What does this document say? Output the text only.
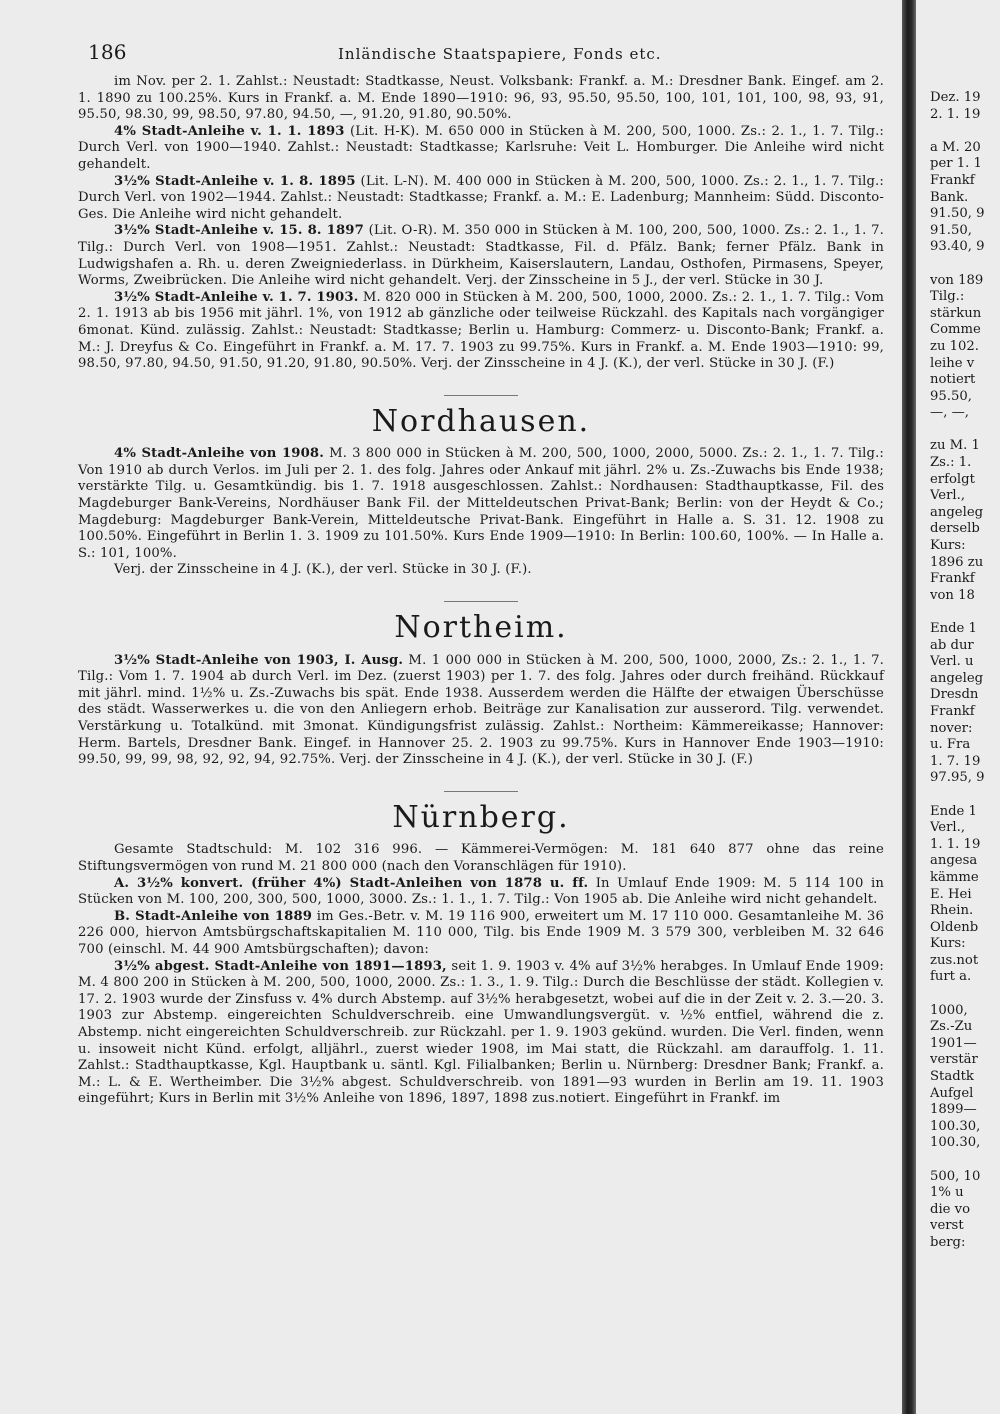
186	Inländische Staatspapiere, Fonds etc.

im Nov. per 2. 1. Zahlst.: Neustadt: Stadtkasse, Neust. Volksbank: Frankf. a. M.: Dresdner Bank. Eingef. am 2. 1. 1890 zu 100.25%. Kurs in Frankf. a. M. Ende 1890—1910: 96, 93, 95.50, 95.50, 100, 101, 101, 100, 98, 93, 91, 95.50, 98.30, 99, 98.50, 97.80, 94.50, —, 91.20, 91.80, 90.50%.

4% Stadt-Anleihe v. 1. 1. 1893 (Lit. H-K). M. 650 000 in Stücken à M. 200, 500, 1000. Zs.: 2. 1., 1. 7. Tilg.: Durch Verl. von 1900—1940. Zahlst.: Neustadt: Stadtkasse; Karlsruhe: Veit L. Homburger. Die Anleihe wird nicht gehandelt.

3½% Stadt-Anleihe v. 1. 8. 1895 (Lit. L-N). M. 400 000 in Stücken à M. 200, 500, 1000. Zs.: 2. 1., 1. 7. Tilg.: Durch Verl. von 1902—1944. Zahlst.: Neustadt: Stadtkasse; Frankf. a. M.: E. Ladenburg; Mannheim: Südd. Disconto-Ges. Die Anleihe wird nicht gehandelt.

3½% Stadt-Anleihe v. 15. 8. 1897 (Lit. O-R). M. 350 000 in Stücken à M. 100, 200, 500, 1000. Zs.: 2. 1., 1. 7. Tilg.: Durch Verl. von 1908—1951. Zahlst.: Neustadt: Stadtkasse, Fil. d. Pfälz. Bank; ferner Pfälz. Bank in Ludwigshafen a. Rh. u. deren Zweigniederlass. in Dürkheim, Kaiserslautern, Landau, Osthofen, Pirmasens, Speyer, Worms, Zweibrücken. Die Anleihe wird nicht gehandelt. Verj. der Zinsscheine in 5 J., der verl. Stücke in 30 J.

3½% Stadt-Anleihe v. 1. 7. 1903. M. 820 000 in Stücken à M. 200, 500, 1000, 2000. Zs.: 2. 1., 1. 7. Tilg.: Vom 2. 1. 1913 ab bis 1956 mit jährl. 1%, von 1912 ab gänzliche oder teilweise Rückzahl. des Kapitals nach vorgängiger 6monat. Künd. zulässig. Zahlst.: Neustadt: Stadtkasse; Berlin u. Hamburg: Commerz- u. Disconto-Bank; Frankf. a. M.: J. Dreyfus & Co. Eingeführt in Frankf. a. M. 17. 7. 1903 zu 99.75%. Kurs in Frankf. a. M. Ende 1903—1910: 99, 98.50, 97.80, 94.50, 91.50, 91.20, 91.80, 90.50%. Verj. der Zinsscheine in 4 J. (K.), der verl. Stücke in 30 J. (F.)

Nordhausen.

4% Stadt-Anleihe von 1908. M. 3 800 000 in Stücken à M. 200, 500, 1000, 2000, 5000. Zs.: 2. 1., 1. 7. Tilg.: Von 1910 ab durch Verlos. im Juli per 2. 1. des folg. Jahres oder Ankauf mit jährl. 2% u. Zs.-Zuwachs bis Ende 1938; verstärkte Tilg. u. Gesamtkündig. bis 1. 7. 1918 ausgeschlossen. Zahlst.: Nordhausen: Stadthauptkasse, Fil. des Magdeburger Bank-Vereins, Nordhäuser Bank Fil. der Mitteldeutschen Privat-Bank; Berlin: von der Heydt & Co.; Magdeburg: Magdeburger Bank-Verein, Mitteldeutsche Privat-Bank. Eingeführt in Halle a. S. 31. 12. 1908 zu 100.50%. Eingeführt in Berlin 1. 3. 1909 zu 101.50%. Kurs Ende 1909—1910: In Berlin: 100.60, 100%. — In Halle a. S.: 101, 100%.

Verj. der Zinsscheine in 4 J. (K.), der verl. Stücke in 30 J. (F.).

Northeim.

3½% Stadt-Anleihe von 1903, I. Ausg. M. 1 000 000 in Stücken à M. 200, 500, 1000, 2000, Zs.: 2. 1., 1. 7. Tilg.: Vom 1. 7. 1904 ab durch Verl. im Dez. (zuerst 1903) per 1. 7. des folg. Jahres oder durch freihänd. Rückkauf mit jährl. mind. 1½% u. Zs.-Zuwachs bis spät. Ende 1938. Ausserdem werden die Hälfte der etwaigen Überschüsse des städt. Wasserwerkes u. die von den Anliegern erhob. Beiträge zur Kanalisation zur ausserord. Tilg. verwendet. Verstärkung u. Totalkünd. mit 3monat. Kündigungsfrist zulässig. Zahlst.: Northeim: Kämmereikasse; Hannover: Herm. Bartels, Dresdner Bank. Eingef. in Hannover 25. 2. 1903 zu 99.75%. Kurs in Hannover Ende 1903—1910: 99.50, 99, 99, 98, 92, 92, 94, 92.75%. Verj. der Zinsscheine in 4 J. (K.), der verl. Stücke in 30 J. (F.)

Nürnberg.

Gesamte Stadtschuld: M. 102 316 996. — Kämmerei-Vermögen: M. 181 640 877 ohne das reine Stiftungsvermögen von rund M. 21 800 000 (nach den Voranschlägen für 1910).

A. 3½% konvert. (früher 4%) Stadt-Anleihen von 1878 u. ff. In Umlauf Ende 1909: M. 5 114 100 in Stücken von M. 100, 200, 300, 500, 1000, 3000. Zs.: 1. 1., 1. 7. Tilg.: Von 1905 ab. Die Anleihe wird nicht gehandelt.

B. Stadt-Anleihe von 1889 im Ges.-Betr. v. M. 19 116 900, erweitert um M. 17 110 000. Gesamtanleihe M. 36 226 000, hiervon Amtsbürgschaftskapitalien M. 110 000, Tilg. bis Ende 1909 M. 3 579 300, verbleiben M. 32 646 700 (einschl. M. 44 900 Amtsbürgschaften); davon:

3½% abgest. Stadt-Anleihe von 1891—1893, seit 1. 9. 1903 v. 4% auf 3½% herabges. In Umlauf Ende 1909: M. 4 800 200 in Stücken à M. 200, 500, 1000, 2000. Zs.: 1. 3., 1. 9. Tilg.: Durch die Beschlüsse der städt. Kollegien v. 17. 2. 1903 wurde der Zinsfuss v. 4% durch Abstemp. auf 3½% herabgesetzt, wobei auf die in der Zeit v. 2. 3.—20. 3. 1903 zur Abstemp. eingereichten Schuldverschreib. eine Umwandlungsvergüt. v. ½% entfiel, während die z. Abstemp. nicht eingereichten Schuldverschreib. zur Rückzahl. per 1. 9. 1903 gekünd. wurden. Die Verl. finden, wenn u. insoweit nicht Künd. erfolgt, alljährl., zuerst wieder 1908, im Mai statt, die Rückzahl. am darauffolg. 1. 11. Zahlst.: Stadthauptkasse, Kgl. Hauptbank u. säntl. Kgl. Filialbanken; Berlin u. Nürnberg: Dresdner Bank; Frankf. a. M.: L. & E. Wertheimber. Die 3½% abgest. Schuldverschreib. von 1891—93 wurden in Berlin am 19. 11. 1903 eingeführt; Kurs in Berlin mit 3½% Anleihe von 1896, 1897, 1898 zus.notiert. Eingeführt in Frankf. im

Dez. 19
2. 1. 19
a M. 20
per 1. 1
Frankf
Bank.
91.50, 9
91.50,
93.40, 9
von 189
Tilg.:
stärkun
Comme
zu 102.
leihe v
notiert
95.50,
—, —,
zu M. 1
Zs.: 1.
erfolgt
Verl.,
angeleg
derselb
Kurs:
1896 zu
Frankf
von 18
Ende 1
ab dur
Verl. u
angeleg
Dresdn
Frankf
nover:
u. Fra
1. 7. 19
97.95, 9
Ende 1
Verl.,
1. 1. 19
angesa
kämme
E. Hei
Rhein.
Oldenb
Kurs:
zus.not
furt a.
1000,
Zs.-Zu
1901—
verstär
Stadtk
Aufgel
1899—
100.30,
100.30,
500, 10
1% u
die vo
verst
berg:
